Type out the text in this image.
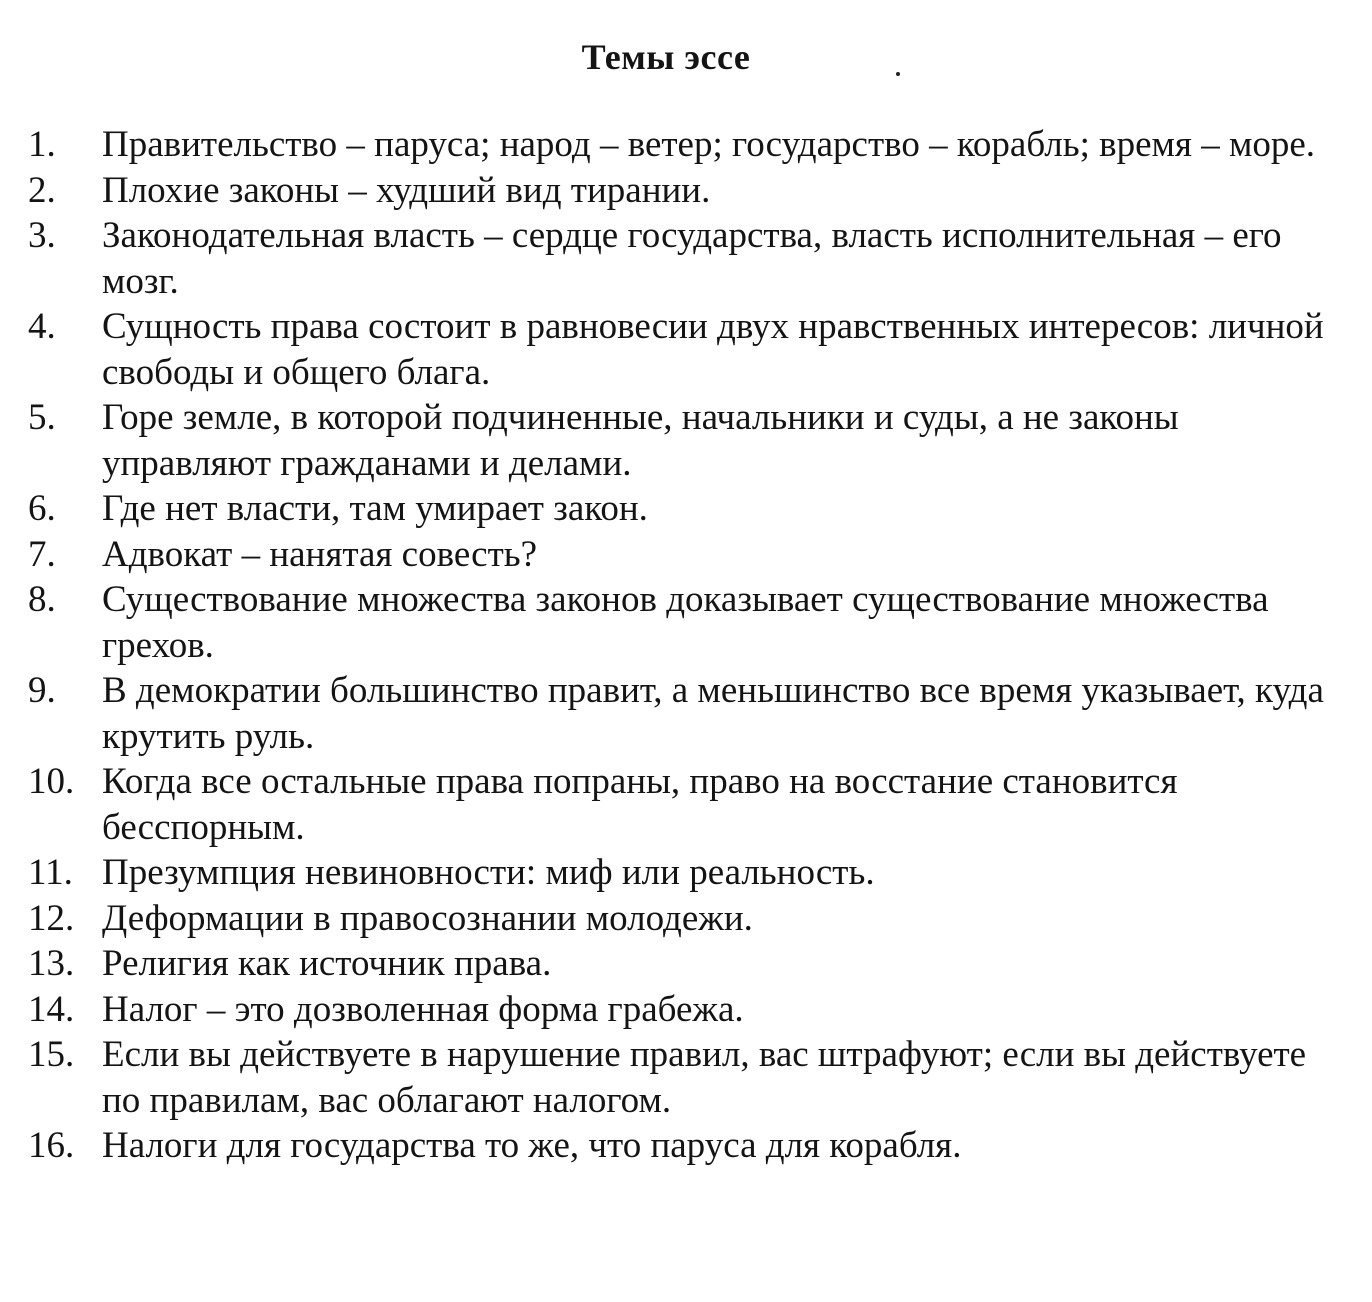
Темы эссе
1.	Правительство – паруса; народ – ветер; государство – корабль; время – море.
2.	Плохие законы – худший вид тирании.
3.	Законодательная власть – сердце государства, власть исполнительная – его мозг.
4.	Сущность права состоит в равновесии двух нравственных интересов: личной свободы и общего блага.
5.	Горе земле, в которой подчиненные, начальники и суды, а не законы управляют гражданами и делами.
6.	Где нет власти, там умирает закон.
7.	Адвокат – нанятая совесть?
8.	Существование множества законов доказывает существование множества грехов.
9.	В демократии большинство правит, а меньшинство все время указывает, куда крутить руль.
10. Когда все остальные права попраны, право на восстание становится бесспорным.
11. Презумпция невиновности: миф или реальность.
12. Деформации в правосознании молодежи.
13. Религия как источник права.
14. Налог – это дозволенная форма грабежа.
15. Если вы действуете в нарушение правил, вас штрафуют; если вы действуете по правилам, вас облагают налогом.
16. Налоги для государства то же, что паруса для корабля.
